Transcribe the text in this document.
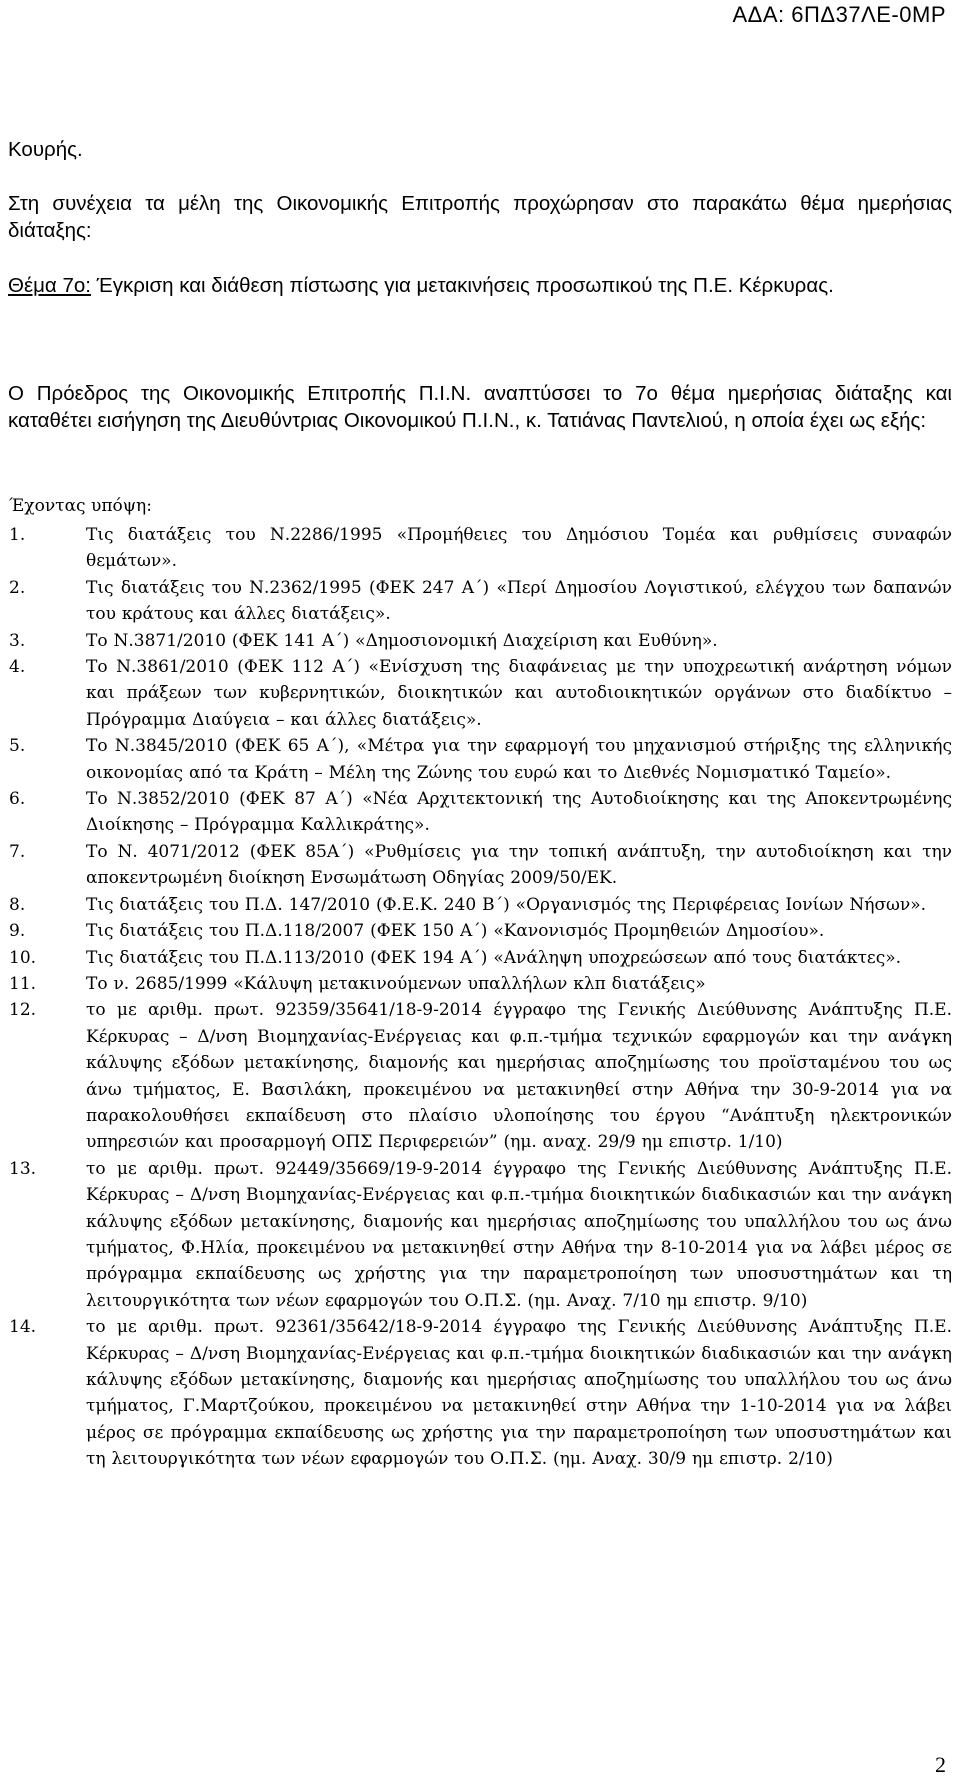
ΑΔΑ: 6ΠΔ37ΛΕ-0ΜΡ
Κουρής.
Στη συνέχεια τα μέλη της Οικονομικής Επιτροπής προχώρησαν στο παρακάτω θέμα ημερήσιας διάταξης:
Θέμα 7ο: Έγκριση και διάθεση πίστωσης για μετακινήσεις προσωπικού της Π.Ε. Κέρκυρας.
Ο Πρόεδρος της Οικονομικής Επιτροπής Π.Ι.Ν. αναπτύσσει το 7ο θέμα ημερήσιας διάταξης και καταθέτει εισήγηση της Διευθύντριας Οικονομικού Π.Ι.Ν., κ. Τατιάνας Παντελιού, η οποία έχει ως εξής:
Έχοντας υπόψη:
1.	Τις διατάξεις του Ν.2286/1995 «Προμήθειες του Δημόσιου Τομέα και ρυθμίσεις συναφών θεμάτων».
2.	Τις διατάξεις του Ν.2362/1995 (ΦΕΚ 247 Α΄) «Περί Δημοσίου Λογιστικού, ελέγχου των δαπανών του κράτους και άλλες διατάξεις».
3.	Το Ν.3871/2010 (ΦΕΚ 141 Α΄) «Δημοσιονομική Διαχείριση και Ευθύνη».
4.	Το Ν.3861/2010 (ΦΕΚ 112 Α΄) «Ενίσχυση της διαφάνειας με την υποχρεωτική ανάρτηση νόμων και πράξεων των κυβερνητικών, διοικητικών και αυτοδιοικητικών οργάνων στο διαδίκτυο – Πρόγραμμα Διαύγεια – και άλλες διατάξεις».
5.	Το Ν.3845/2010 (ΦΕΚ 65 Α΄), «Μέτρα για την εφαρμογή του μηχανισμού στήριξης της ελληνικής οικονομίας από τα Κράτη – Μέλη της Ζώνης του ευρώ και το Διεθνές Νομισματικό Ταμείο».
6.	Το Ν.3852/2010 (ΦΕΚ 87 Α΄) «Νέα Αρχιτεκτονική της Αυτοδιοίκησης και της Αποκεντρωμένης Διοίκησης – Πρόγραμμα Καλλικράτης».
7.	Το Ν. 4071/2012 (ΦΕΚ 85Α΄) «Ρυθμίσεις για την τοπική ανάπτυξη, την αυτοδιοίκηση και την αποκεντρωμένη διοίκηση Ενσωμάτωση Οδηγίας 2009/50/ΕΚ.
8.	Τις διατάξεις του Π.Δ. 147/2010 (Φ.Ε.Κ. 240 Β΄) «Οργανισμός της Περιφέρειας Ιονίων Νήσων».
9.	Τις διατάξεις του Π.Δ.118/2007 (ΦΕΚ 150 Α΄) «Κανονισμός Προμηθειών Δημοσίου».
10.	Τις διατάξεις του Π.Δ.113/2010 (ΦΕΚ 194 Α΄) «Ανάληψη υποχρεώσεων από τους διατάκτες».
11.	Το ν. 2685/1999 «Κάλυψη μετακινούμενων υπαλλήλων κλπ διατάξεις»
12.	το με αριθμ. πρωτ. 92359/35641/18-9-2014 έγγραφο της Γενικής Διεύθυνσης Ανάπτυξης Π.Ε. Κέρκυρας – Δ/νση Βιομηχανίας-Ενέργειας και φ.π.-τμήμα τεχνικών εφαρμογών και την ανάγκη κάλυψης εξόδων μετακίνησης, διαμονής και ημερήσιας αποζημίωσης του προϊσταμένου του ως άνω τμήματος, Ε. Βασιλάκη, προκειμένου να μετακινηθεί στην Αθήνα την 30-9-2014 για να παρακολουθήσει εκπαίδευση στο πλαίσιο υλοποίησης του έργου “Ανάπτυξη ηλεκτρονικών υπηρεσιών και προσαρμογή ΟΠΣ Περιφερειών” (ημ. αναχ. 29/9 ημ επιστρ. 1/10)
13.	το με αριθμ. πρωτ. 92449/35669/19-9-2014 έγγραφο της Γενικής Διεύθυνσης Ανάπτυξης Π.Ε. Κέρκυρας – Δ/νση Βιομηχανίας-Ενέργειας και φ.π.-τμήμα διοικητικών διαδικασιών και την ανάγκη κάλυψης εξόδων μετακίνησης, διαμονής και ημερήσιας αποζημίωσης του υπαλλήλου του ως άνω τμήματος, Φ.Ηλία, προκειμένου να μετακινηθεί στην Αθήνα την 8-10-2014 για να λάβει μέρος σε πρόγραμμα εκπαίδευσης ως χρήστης για την παραμετροποίηση των υποσυστημάτων και τη λειτουργικότητα των νέων εφαρμογών του Ο.Π.Σ. (ημ. Αναχ. 7/10 ημ επιστρ. 9/10)
14.	το με αριθμ. πρωτ. 92361/35642/18-9-2014 έγγραφο της Γενικής Διεύθυνσης Ανάπτυξης Π.Ε. Κέρκυρας – Δ/νση Βιομηχανίας-Ενέργειας και φ.π.-τμήμα διοικητικών διαδικασιών και την ανάγκη κάλυψης εξόδων μετακίνησης, διαμονής και ημερήσιας αποζημίωσης του υπαλλήλου του ως άνω τμήματος, Γ.Μαρτζούκου, προκειμένου να μετακινηθεί στην Αθήνα την 1-10-2014 για να λάβει μέρος σε πρόγραμμα εκπαίδευσης ως χρήστης για την παραμετροποίηση των υποσυστημάτων και τη λειτουργικότητα των νέων εφαρμογών του Ο.Π.Σ. (ημ. Αναχ. 30/9 ημ επιστρ. 2/10)
2
